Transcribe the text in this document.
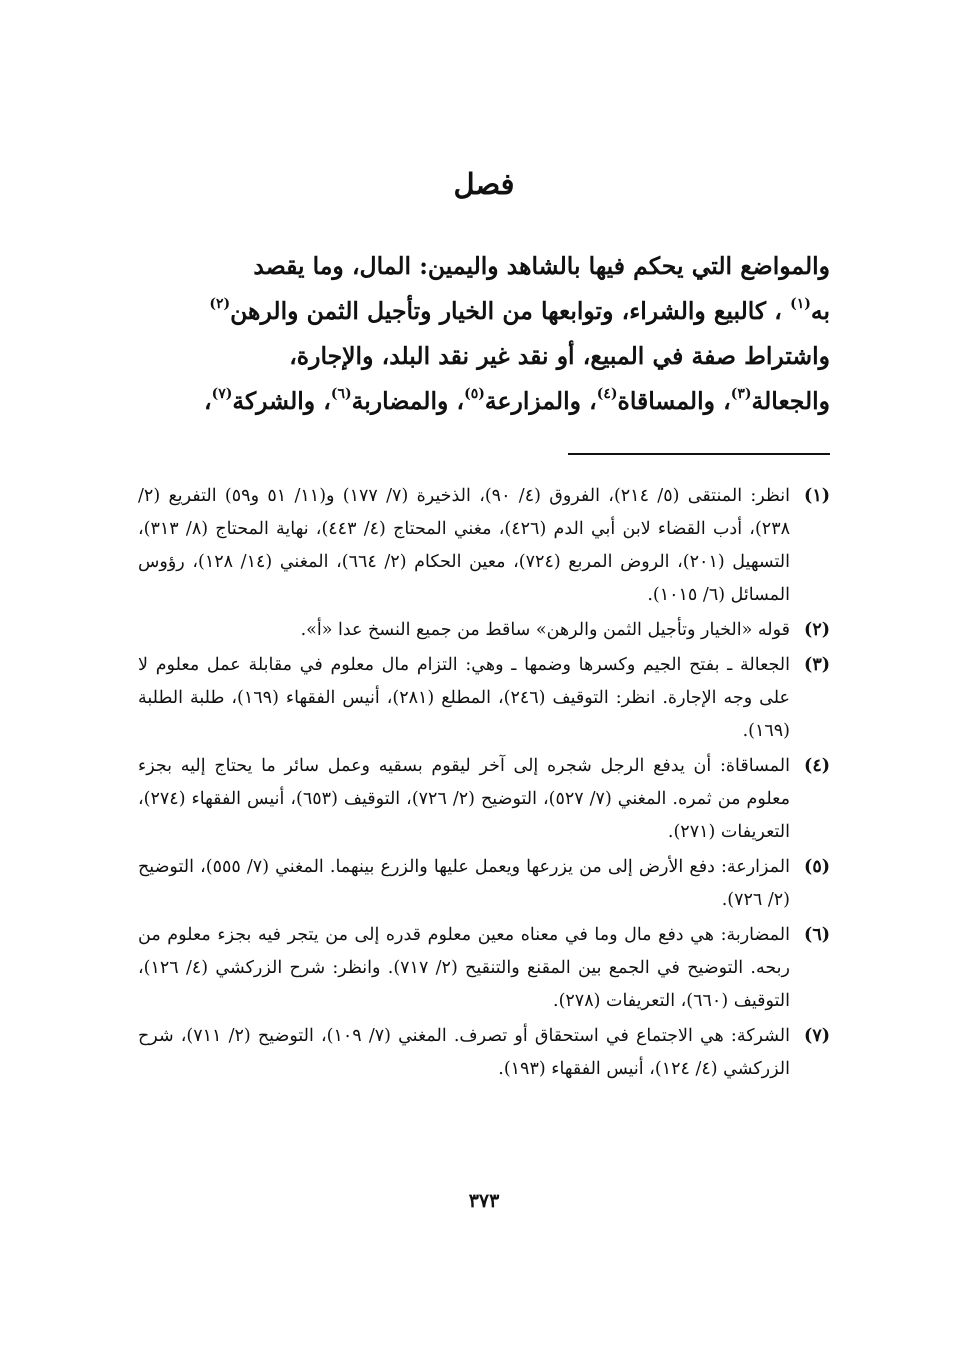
فصل

والمواضع التي يحكم فيها بالشاهد واليمين: المال، وما يقصد

به$^{(١)}$ ، كالبيع والشراء، وتوابعها من الخيار وتأجيل الثمن والرهن$^{(٢)}$

واشتراط صفة في المبيع، أو نقد غير نقد البلد، والإجارة،

والجعالة$^{(٣)}$، والمساقاة$^{(٤)}$، والمزارعة$^{(٥)}$، والمضاربة$^{(٦)}$، والشركة$^{(٧)}$،

(١)
انظر: المنتقى (٥/ ٢١٤)، الفروق (٤/ ٩٠)، الذخيرة (٧/ ١٧٧) و(١١/ ٥١ و٥٩) التفريع (٢/ ٢٣٨)، أدب القضاء لابن أبي الدم (٤٢٦)، مغني المحتاج (٤/ ٤٤٣)، نهاية المحتاج (٨/ ٣١٣)، التسهيل (٢٠١)، الروض المربع (٧٢٤)، معين الحكام (٢/ ٦٦٤)، المغني (١٤/ ١٢٨)، رؤوس المسائل (٦/ ١٠١٥).
(٢)
قوله «الخيار وتأجيل الثمن والرهن» ساقط من جميع النسخ عدا «أ».
(٣)
الجعالة ـ بفتح الجيم وكسرها وضمها ـ وهي: التزام مال معلوم في مقابلة عمل معلوم لا على وجه الإجارة. انظر: التوقيف (٢٤٦)، المطلع (٢٨١)، أنيس الفقهاء (١٦٩)، طلبة الطلبة (١٦٩).
(٤)
المساقاة: أن يدفع الرجل شجره إلى آخر ليقوم بسقيه وعمل سائر ما يحتاج إليه بجزء معلوم من ثمره. المغني (٧/ ٥٢٧)، التوضيح (٢/ ٧٢٦)، التوقيف (٦٥٣)، أنيس الفقهاء (٢٧٤)، التعريفات (٢٧١).
(٥)
المزارعة: دفع الأرض إلى من يزرعها ويعمل عليها والزرع بينهما. المغني (٧/ ٥٥٥)، التوضيح (٢/ ٧٢٦).
(٦)
المضاربة: هي دفع مال وما في معناه معين معلوم قدره إلى من يتجر فيه بجزء معلوم من ربحه. التوضيح في الجمع بين المقنع والتنقيح (٢/ ٧١٧). وانظر: شرح الزركشي (٤/ ١٢٦)، التوقيف (٦٦٠)، التعريفات (٢٧٨).
(٧)
الشركة: هي الاجتماع في استحقاق أو تصرف. المغني (٧/ ١٠٩)، التوضيح (٢/ ٧١١)، شرح الزركشي (٤/ ١٢٤)، أنيس الفقهاء (١٩٣).
٣٧٣
